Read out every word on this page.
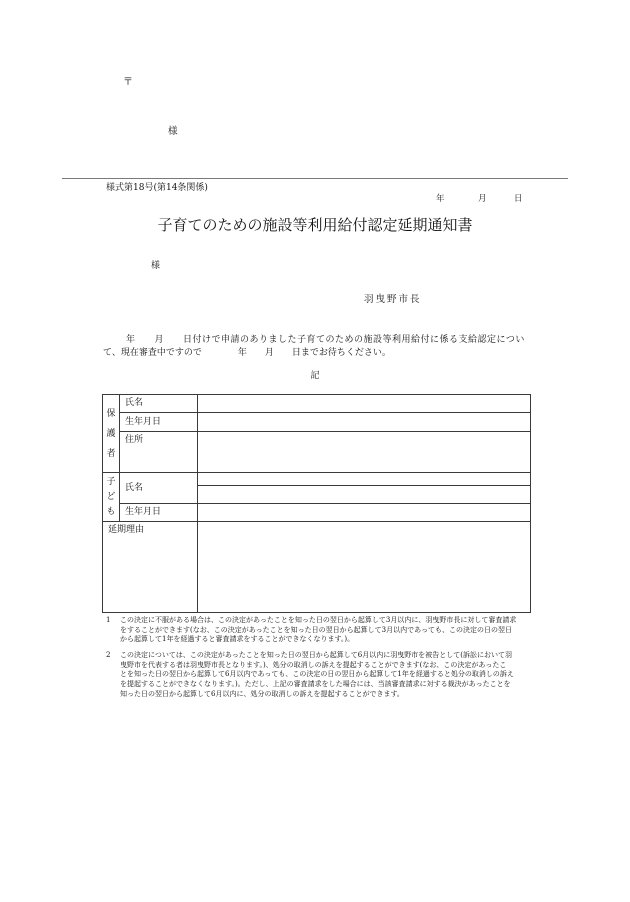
〒
様
様式第18号(第14条関係)
年	月	日
子育てのための施設等利用給付認定延期通知書
様
羽曳野市長
年　　月　　日付けで申請のありました子育てのための施設等利用給付に係る支給認定につい
て、現在審査中ですので　　　　年　　月　　日までお待ちください。
記
保護者	氏名	
	生年月日	
	住所	
子ども	氏名	

	生年月日	
延期理由		
1	この決定に不服がある場合は、この決定があったことを知った日の翌日から起算して3月以内に、羽曳野市長に対して審査請求
をすることができます(なお、この決定があったことを知った日の翌日から起算して3月以内であっても、この決定の日の翌日
から起算して1年を経過すると審査請求をすることができなくなります。)。
2	この決定については、この決定があったことを知った日の翌日から起算して6月以内に羽曳野市を被告として(訴訟において羽
曳野市を代表する者は羽曳野市長となります。)、処分の取消しの訴えを提起することができます(なお、この決定があったこ
とを知った日の翌日から起算して6月以内であっても、この決定の日の翌日から起算して1年を経過すると処分の取消しの訴え
を提起することができなくなります。)。ただし、上記の審査請求をした場合には、当該審査請求に対する裁決があったことを
知った日の翌日から起算して6月以内に、処分の取消しの訴えを提起することができます。
